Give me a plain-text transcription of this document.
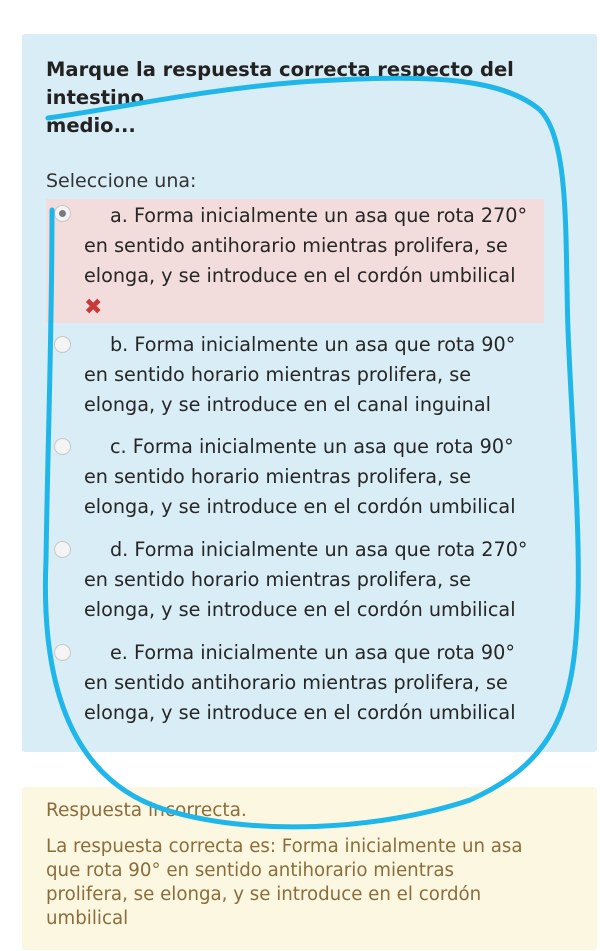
Marque la respuesta correcta respecto del intestino
medio...
Seleccione una:
a. Forma inicialmente un asa que rota 270°
en sentido antihorario mientras prolifera, se
elonga, y se introduce en el cordón umbilical
✖
b. Forma inicialmente un asa que rota 90°
en sentido horario mientras prolifera, se
elonga, y se introduce en el canal inguinal
c. Forma inicialmente un asa que rota 90°
en sentido horario mientras prolifera, se
elonga, y se introduce en el cordón umbilical
d. Forma inicialmente un asa que rota 270°
en sentido horario mientras prolifera, se
elonga, y se introduce en el cordón umbilical
e. Forma inicialmente un asa que rota 90°
en sentido antihorario mientras prolifera, se
elonga, y se introduce en el cordón umbilical
Respuesta incorrecta.
La respuesta correcta es: Forma inicialmente un asa
que rota 90° en sentido antihorario mientras
prolifera, se elonga, y se introduce en el cordón
umbilical
